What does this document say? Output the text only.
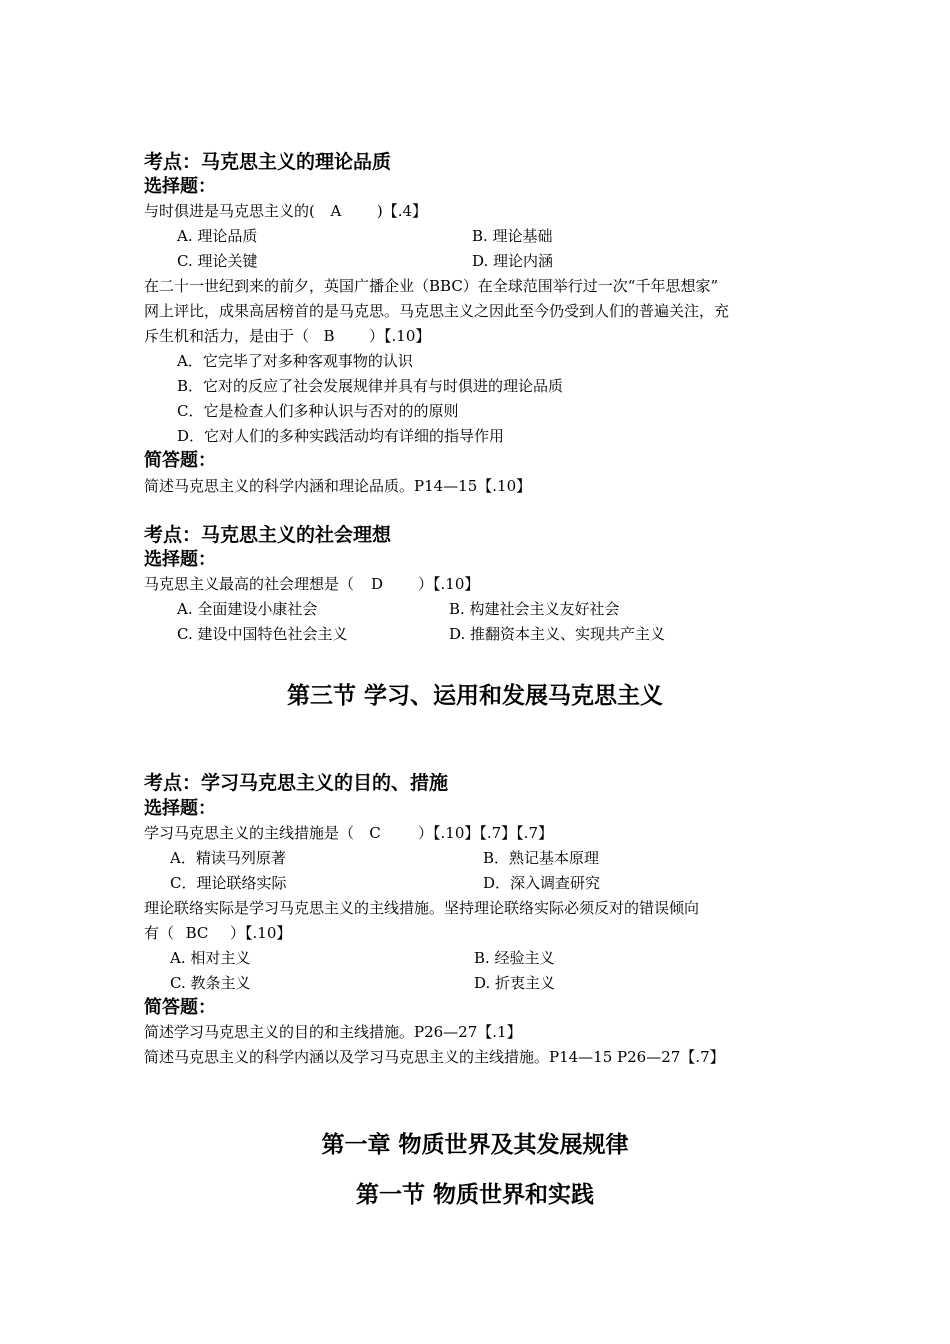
考点：马克思主义的理论品质
选择题：
与时俱进是马克思主义的( A )【.4】
A. 理论品质	B. 理论基础
C. 理论关键	D. 理论内涵
在二十一世纪到来的前夕，英国广播企业（BBC）在全球范围举行过一次“千年思想家”
网上评比，成果高居榜首的是马克思。马克思主义之因此至今仍受到人们的普遍关注，充
斥生机和活力，是由于（ B ）【.10】
A．它完毕了对多种客观事物的认识
B．它对的反应了社会发展规律并具有与时俱进的理论品质
C．它是检查人们多种认识与否对的的原则
D．它对人们的多种实践活动均有详细的指导作用
简答题：
简述马克思主义的科学内涵和理论品质。P14—15【.10】
考点：马克思主义的社会理想
选择题：
马克思主义最高的社会理想是（ D ）【.10】
A. 全面建设小康社会	B. 构建社会主义友好社会
C. 建设中国特色社会主义	D. 推翻资本主义、实现共产主义
第三节 学习、运用和发展马克思主义
考点：学习马克思主义的目的、措施
选择题：
学习马克思主义的主线措施是（ C ）【.10】【.7】【.7】
A．精读马列原著	B．熟记基本原理
C．理论联络实际	D．深入调查研究
理论联络实际是学习马克思主义的主线措施。坚持理论联络实际必须反对的错误倾向
有（ BC ）【.10】
A. 相对主义	B. 经验主义
C. 教条主义	D. 折衷主义
简答题：
简述学习马克思主义的目的和主线措施。P26—27【.1】
简述马克思主义的科学内涵以及学习马克思主义的主线措施。P14—15 P26—27【.7】
第一章 物质世界及其发展规律
第一节 物质世界和实践
